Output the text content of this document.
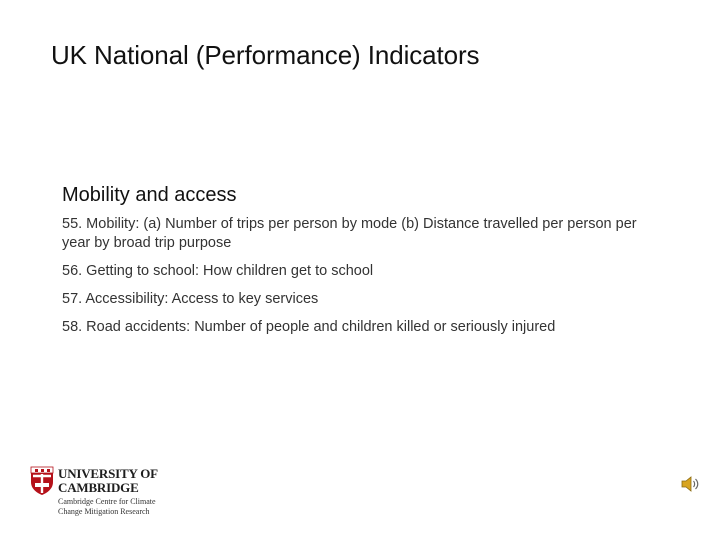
UK National (Performance) Indicators
Mobility and access

55. Mobility: (a) Number of trips per person by mode (b) Distance travelled per person per year by broad trip purpose

56. Getting to school: How children get to school

57. Accessibility: Access to key services

58. Road accidents: Number of people and children killed or seriously injured

UNIVERSITY OF
CAMBRIDGE
Cambridge Centre for Climate
Change Mitigation Research
